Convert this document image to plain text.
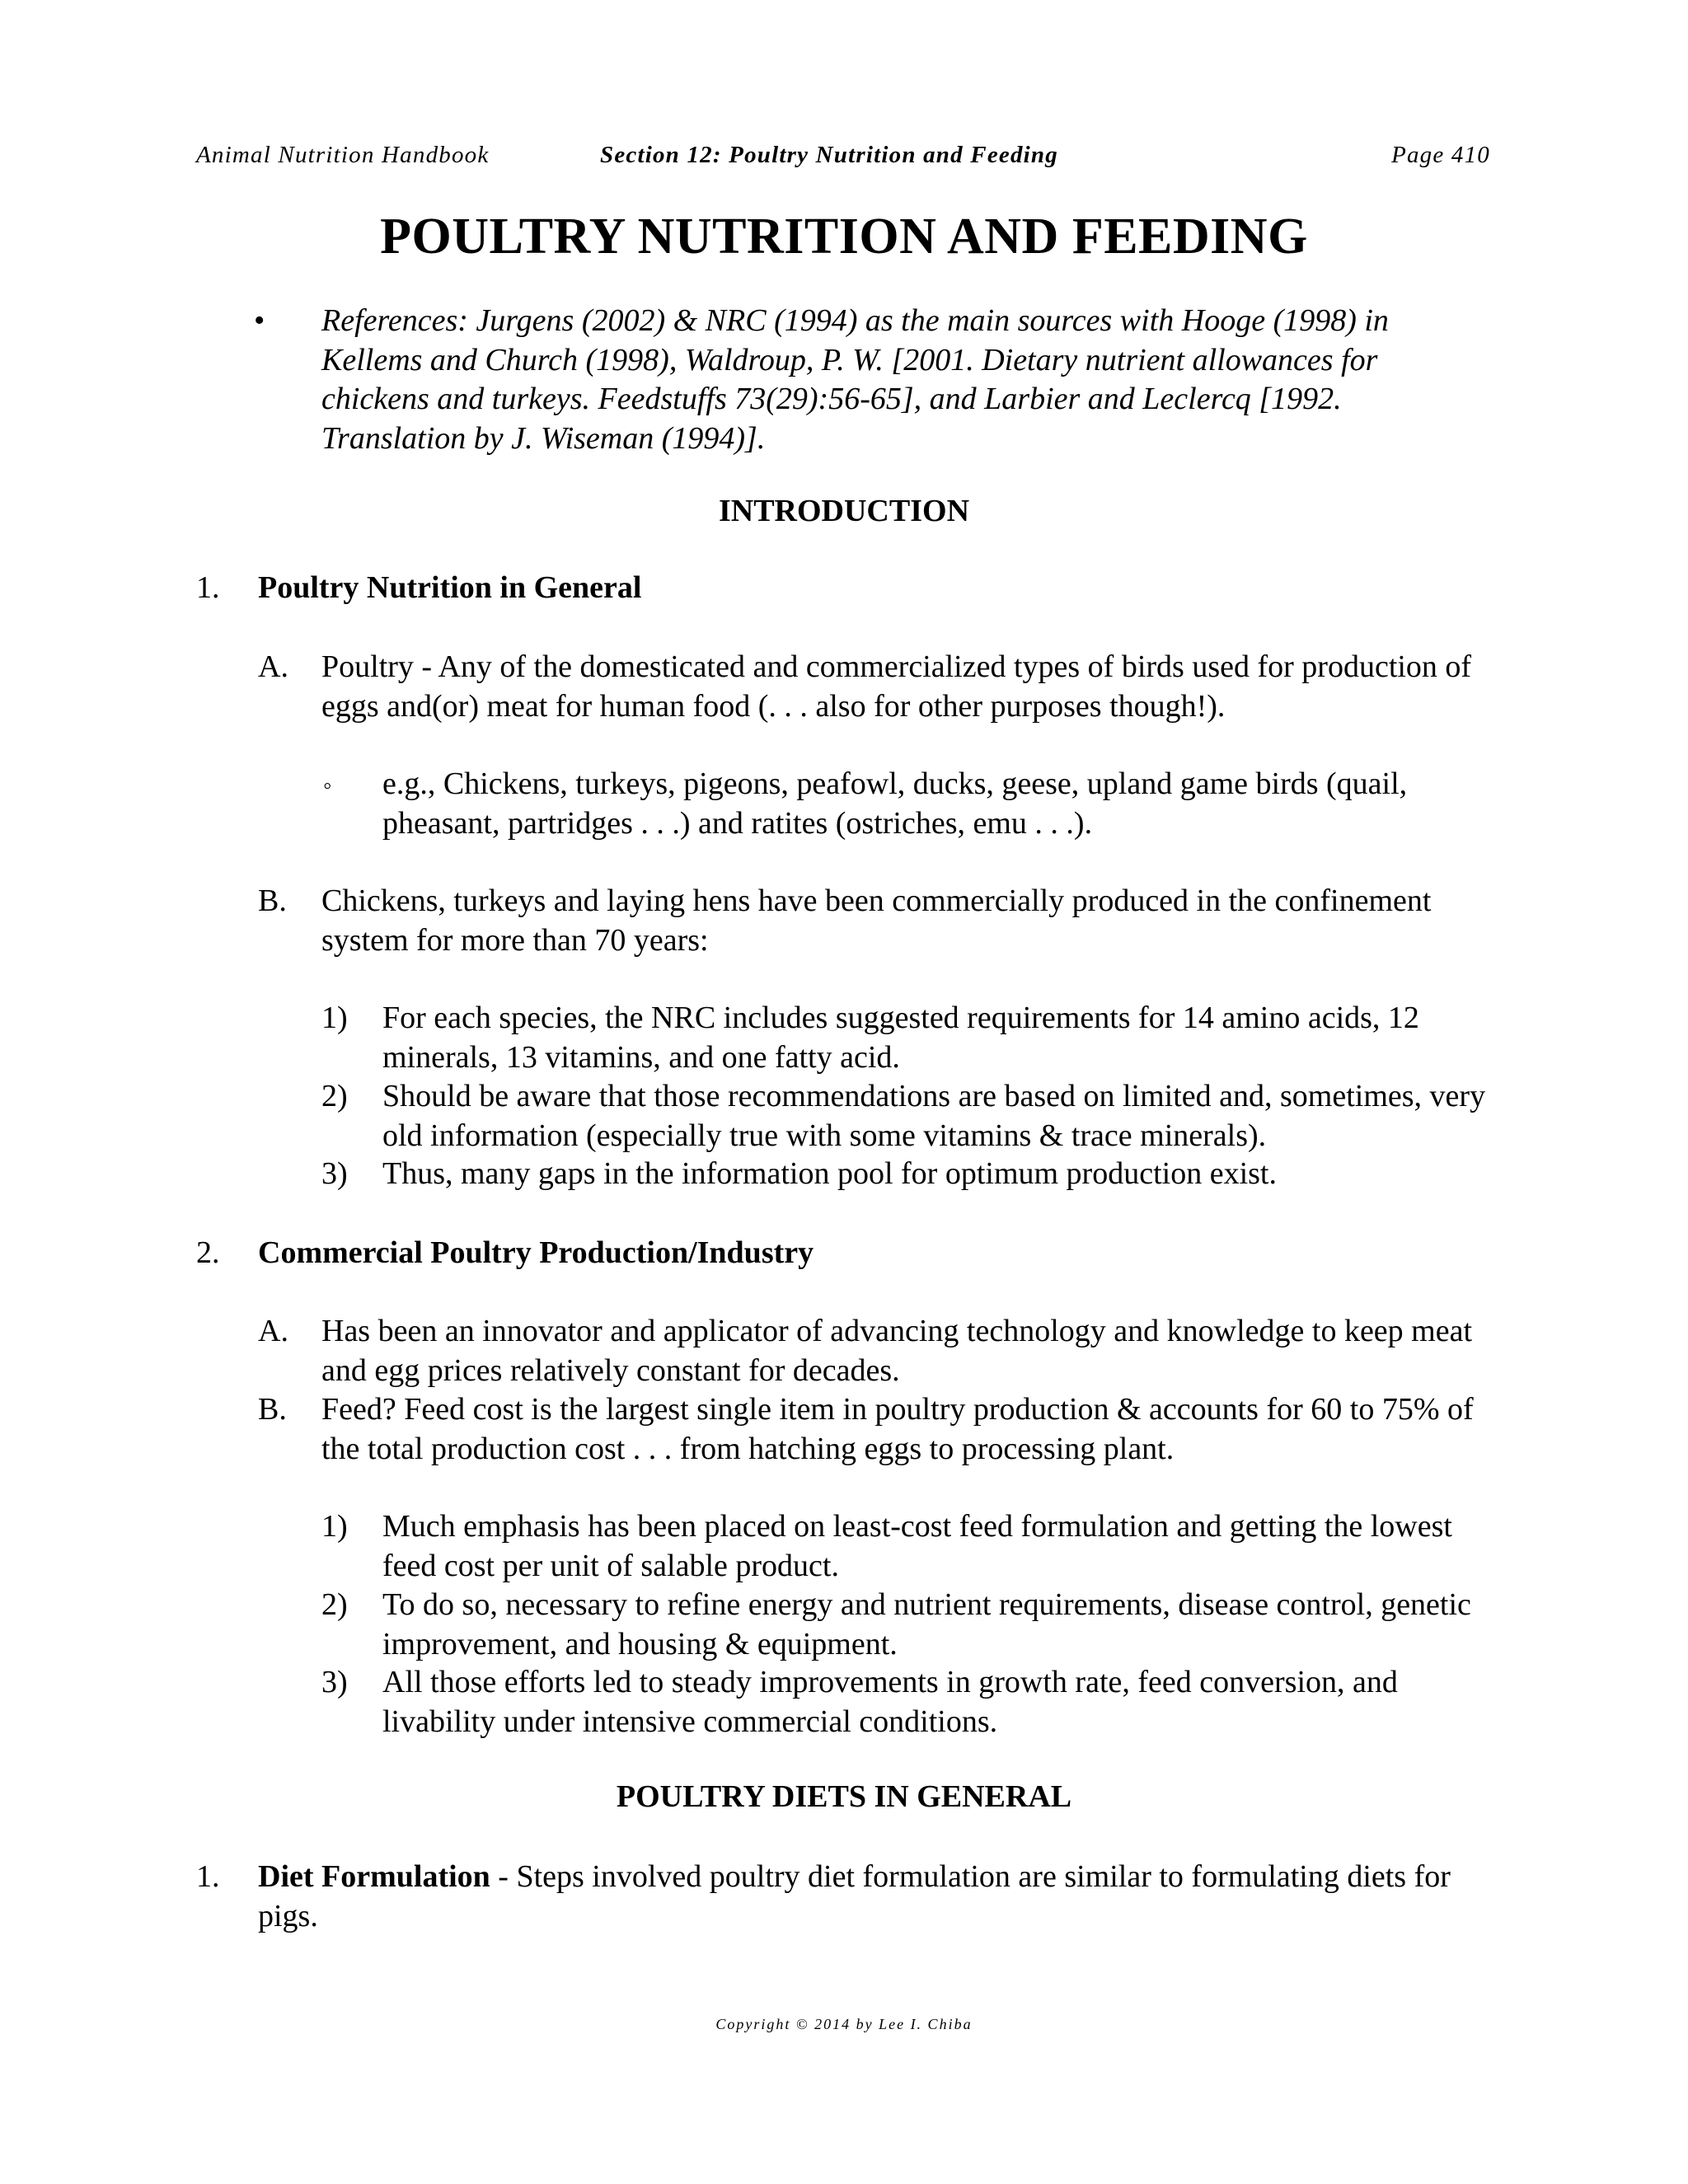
Animal Nutrition Handbook	Section 12: Poultry Nutrition and Feeding	Page 410
POULTRY NUTRITION AND FEEDING
• References: Jurgens (2002) & NRC (1994) as the main sources with Hooge (1998) in Kellems and Church (1998), Waldroup, P. W. [2001. Dietary nutrient allowances for chickens and turkeys. Feedstuffs 73(29):56-65], and Larbier and Leclercq [1992. Translation by J. Wiseman (1994)].

INTRODUCTION
1. Poultry Nutrition in General
A. Poultry - Any of the domesticated and commercialized types of birds used for production of eggs and(or) meat for human food (. . . also for other purposes though!).

◦ e.g., Chickens, turkeys, pigeons, peafowl, ducks, geese, upland game birds (quail, pheasant, partridges . . .) and ratites (ostriches, emu . . .).

B. Chickens, turkeys and laying hens have been commercially produced in the confinement system for more than 70 years:

1) For each species, the NRC includes suggested requirements for 14 amino acids, 12 minerals, 13 vitamins, and one fatty acid.

2) Should be aware that those recommendations are based on limited and, sometimes, very old information (especially true with some vitamins & trace minerals).

3) Thus, many gaps in the information pool for optimum production exist.

2. Commercial Poultry Production/Industry
A. Has been an innovator and applicator of advancing technology and knowledge to keep meat and egg prices relatively constant for decades.

B. Feed? Feed cost is the largest single item in poultry production & accounts for 60 to 75% of the total production cost . . . from hatching eggs to processing plant.

1) Much emphasis has been placed on least-cost feed formulation and getting the lowest feed cost per unit of salable product.

2) To do so, necessary to refine energy and nutrient requirements, disease control, genetic improvement, and housing & equipment.

3) All those efforts led to steady improvements in growth rate, feed conversion, and livability under intensive commercial conditions.

POULTRY DIETS IN GENERAL
1. Diet Formulation - Steps involved poultry diet formulation are similar to formulating diets for pigs.

Copyright © 2014 by Lee I. Chiba
